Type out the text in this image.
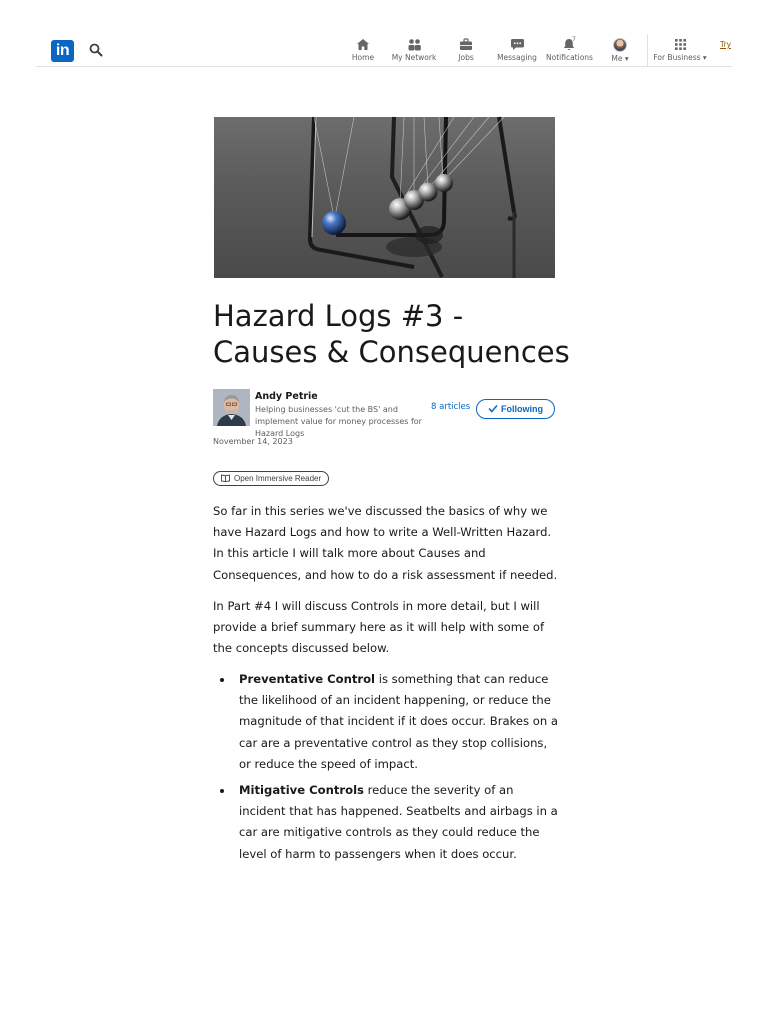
in	Home	My Network	Jobs	Messaging
7
Notifications	Me ▾	For Business ▾
Try
Hazard Logs #3 - Causes & Consequences
Andy Petrie
Helping businesses 'cut the BS' and implement value for money processes for Hazard Logs
8 articles	Following
November 14, 2023
Open Immersive Reader

So far in this series we've discussed the basics of why we have Hazard Logs and how to write a Well-Written Hazard. In this article I will talk more about Causes and Consequences, and how to do a risk assessment if needed.

In Part #4 I will discuss Controls in more detail, but I will provide a brief summary here as it will help with some of the concepts discussed below.

Preventative Control is something that can reduce the likelihood of an incident happening, or reduce the magnitude of that incident if it does occur. Brakes on a car are a preventative control as they stop collisions, or reduce the speed of impact.
Mitigative Controls reduce the severity of an incident that has happened. Seatbelts and airbags in a car are mitigative controls as they could reduce the level of harm to passengers when it does occur.
